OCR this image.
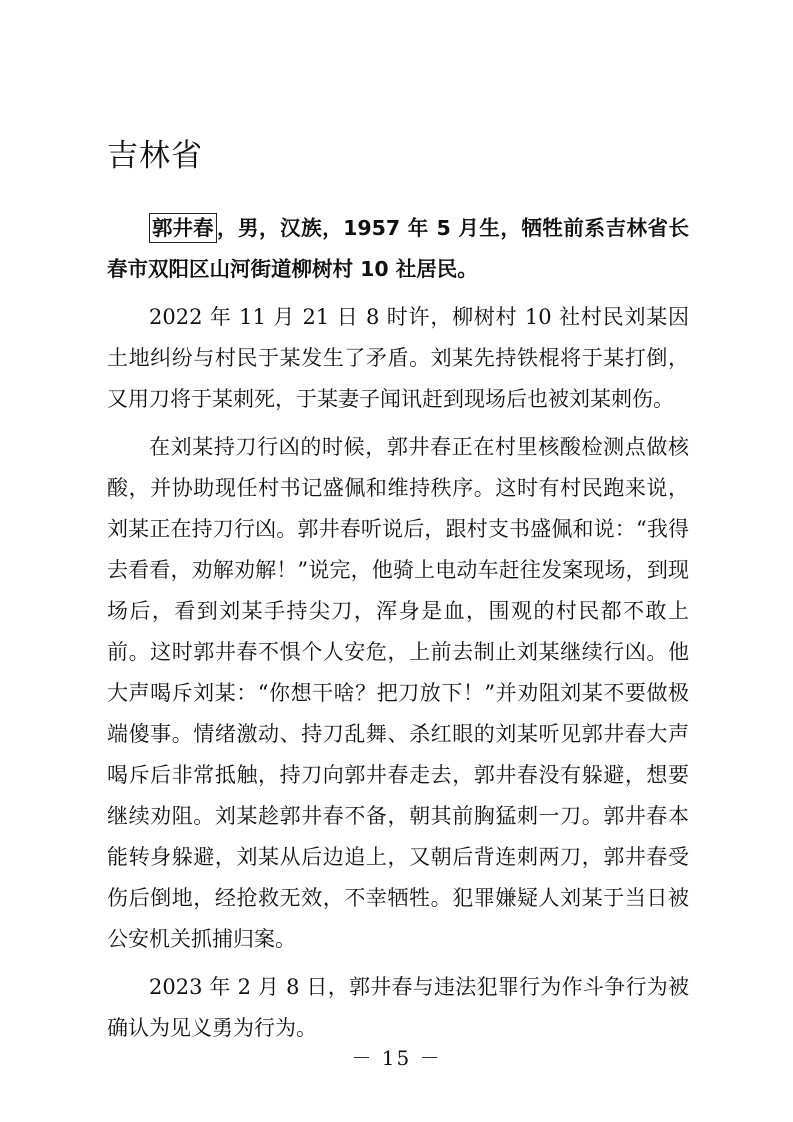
吉林省

郭井春 ，男，汉族，1957 年 5 月生，牺牲前系吉林省长春市双阳区山河街道柳树村 10 社居民。

2022 年 11 月 21 日 8 时许，柳树村 10 社村民刘某因土地纠纷与村民于某发生了矛盾。刘某先持铁棍将于某打倒，又用刀将于某刺死，于某妻子闻讯赶到现场后也被刘某刺伤。

在刘某持刀行凶的时候，郭井春正在村里核酸检测点做核酸，并协助现任村书记盛佩和维持秩序。这时有村民跑来说，刘某正在持刀行凶。郭井春听说后，跟村支书盛佩和说：“我得去看看，劝解劝解！”说完，他骑上电动车赶往发案现场，到现场后，看到刘某手持尖刀，浑身是血，围观的村民都不敢上前。这时郭井春不惧个人安危，上前去制止刘某继续行凶。他大声喝斥刘某：“你想干啥？把刀放下！”并劝阻刘某不要做极端傻事。情绪激动、持刀乱舞、杀红眼的刘某听见郭井春大声喝斥后非常抵触，持刀向郭井春走去，郭井春没有躲避，想要继续劝阻。刘某趁郭井春不备，朝其前胸猛刺一刀。郭井春本能转身躲避，刘某从后边追上，又朝后背连刺两刀，郭井春受伤后倒地，经抢救无效，不幸牺牲。犯罪嫌疑人刘某于当日被公安机关抓捕归案。

2023 年 2 月 8 日，郭井春与违法犯罪行为作斗争行为被确认为见义勇为行为。

－ 15 －
